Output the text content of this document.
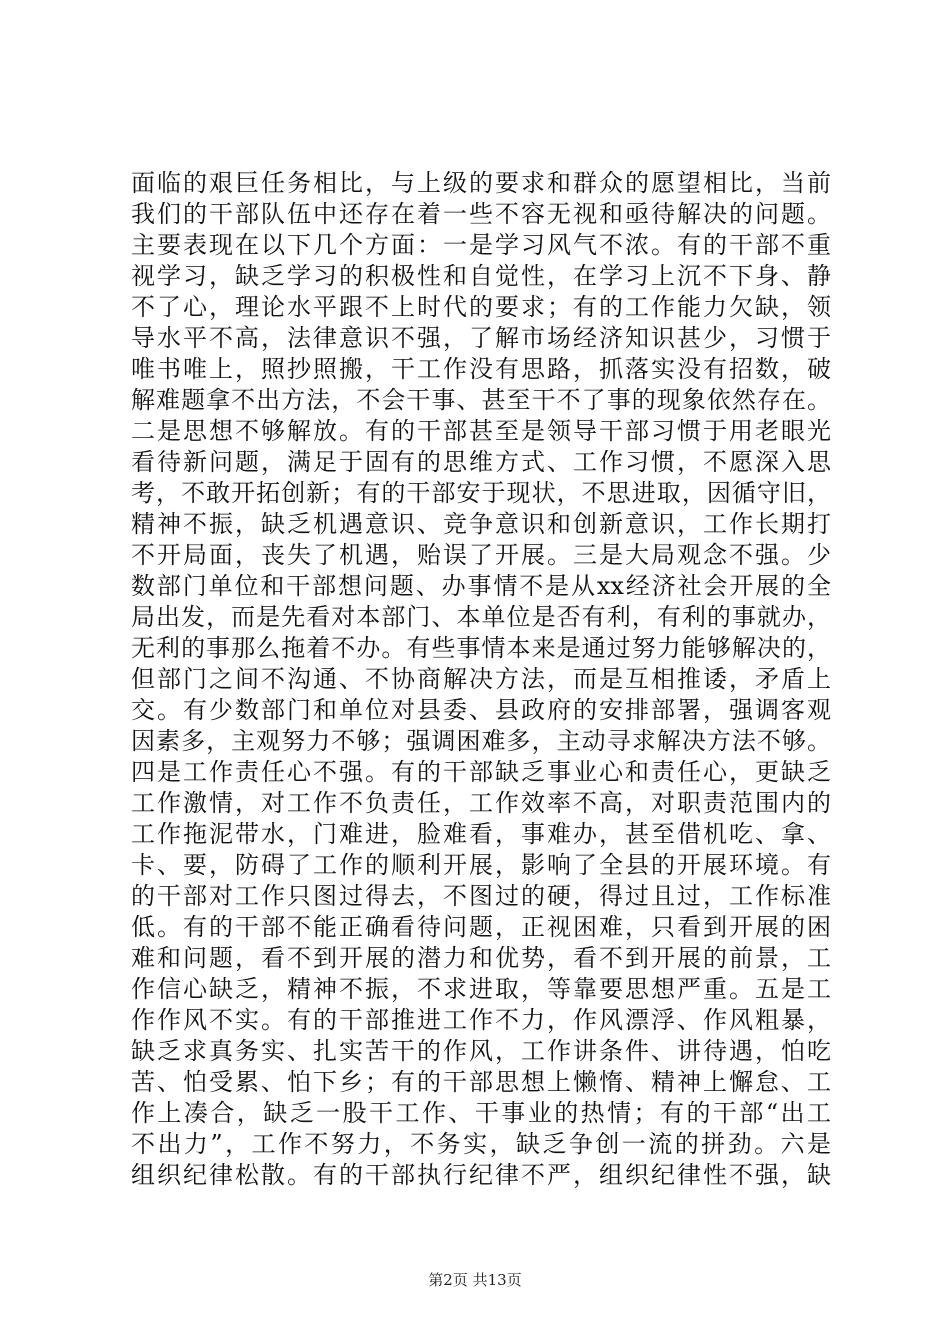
面临的艰巨任务相比，与上级的要求和群众的愿望相比，当前
我们的干部队伍中还存在着一些不容无视和亟待解决的问题。
主要表现在以下几个方面：一是学习风气不浓。有的干部不重
视学习，缺乏学习的积极性和自觉性，在学习上沉不下身、静
不了心，理论水平跟不上时代的要求；有的工作能力欠缺，领
导水平不高，法律意识不强，了解市场经济知识甚少，习惯于
唯书唯上，照抄照搬，干工作没有思路，抓落实没有招数，破
解难题拿不出方法，不会干事、甚至干不了事的现象依然存在。
二是思想不够解放。有的干部甚至是领导干部习惯于用老眼光
看待新问题，满足于固有的思维方式、工作习惯，不愿深入思
考，不敢开拓创新；有的干部安于现状，不思进取，因循守旧，
精神不振，缺乏机遇意识、竞争意识和创新意识，工作长期打
不开局面，丧失了机遇，贻误了开展。三是大局观念不强。少
数部门单位和干部想问题、办事情不是从xx经济社会开展的全
局出发，而是先看对本部门、本单位是否有利，有利的事就办，
无利的事那么拖着不办。有些事情本来是通过努力能够解决的，
但部门之间不沟通、不协商解决方法，而是互相推诿，矛盾上
交。有少数部门和单位对县委、县政府的安排部署，强调客观
因素多，主观努力不够；强调困难多，主动寻求解决方法不够。
四是工作责任心不强。有的干部缺乏事业心和责任心，更缺乏
工作激情，对工作不负责任，工作效率不高，对职责范围内的
工作拖泥带水，门难进，脸难看，事难办，甚至借机吃、拿、
卡、要，防碍了工作的顺利开展，影响了全县的开展环境。有
的干部对工作只图过得去，不图过的硬，得过且过，工作标准
低。有的干部不能正确看待问题，正视困难，只看到开展的困
难和问题，看不到开展的潜力和优势，看不到开展的前景，工
作信心缺乏，精神不振，不求进取，等靠要思想严重。五是工
作作风不实。有的干部推进工作不力，作风漂浮、作风粗暴，
缺乏求真务实、扎实苦干的作风，工作讲条件、讲待遇，怕吃
苦、怕受累、怕下乡；有的干部思想上懒惰、精神上懈怠、工
作上凑合，缺乏一股干工作、干事业的热情；有的干部“出工
不出力”，工作不努力，不务实，缺乏争创一流的拼劲。六是
组织纪律松散。有的干部执行纪律不严，组织纪律性不强，缺
第2页 共13页
